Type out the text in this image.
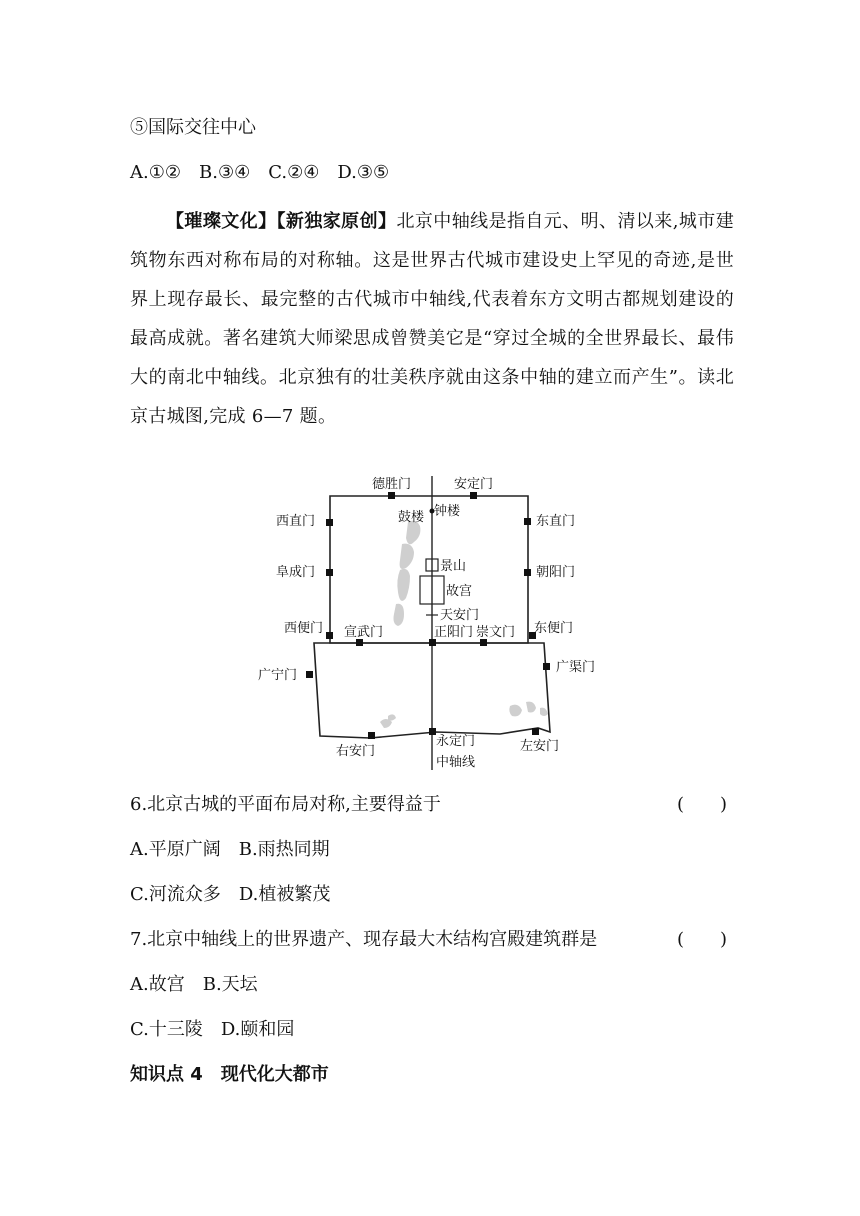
⑤国际交往中心
A.①②　B.③④　C.②④　D.③⑤
【璀璨文化】【新独家原创】北京中轴线是指自元、明、清以来,城市建筑物东西对称布局的对称轴。这是世界古代城市建设史上罕见的奇迹,是世界上现存最长、最完整的古代城市中轴线,代表着东方文明古都规划建设的最高成就。著名建筑大师梁思成曾赞美它是“穿过全城的全世界最长、最伟大的南北中轴线。北京独有的壮美秩序就由这条中轴的建立而产生”。读北京古城图,完成 6—7 题。
德胜门	安定门
西直门	东直门
阜成门	朝阳门
西便门	东便门
宣武门	正阳门 崇文门
广宁门
广渠门
右安门
永定门	左安门
鼓楼 钟楼
景山
故宫
天安门
中轴线
6.北京古城的平面布局对称,主要得益于	(　　)
A.平原广阔　B.雨热同期
C.河流众多　D.植被繁茂
7.北京中轴线上的世界遗产、现存最大木结构宫殿建筑群是	(　　)
A.故宫　B.天坛
C.十三陵　D.颐和园
知识点 4　现代化大都市
